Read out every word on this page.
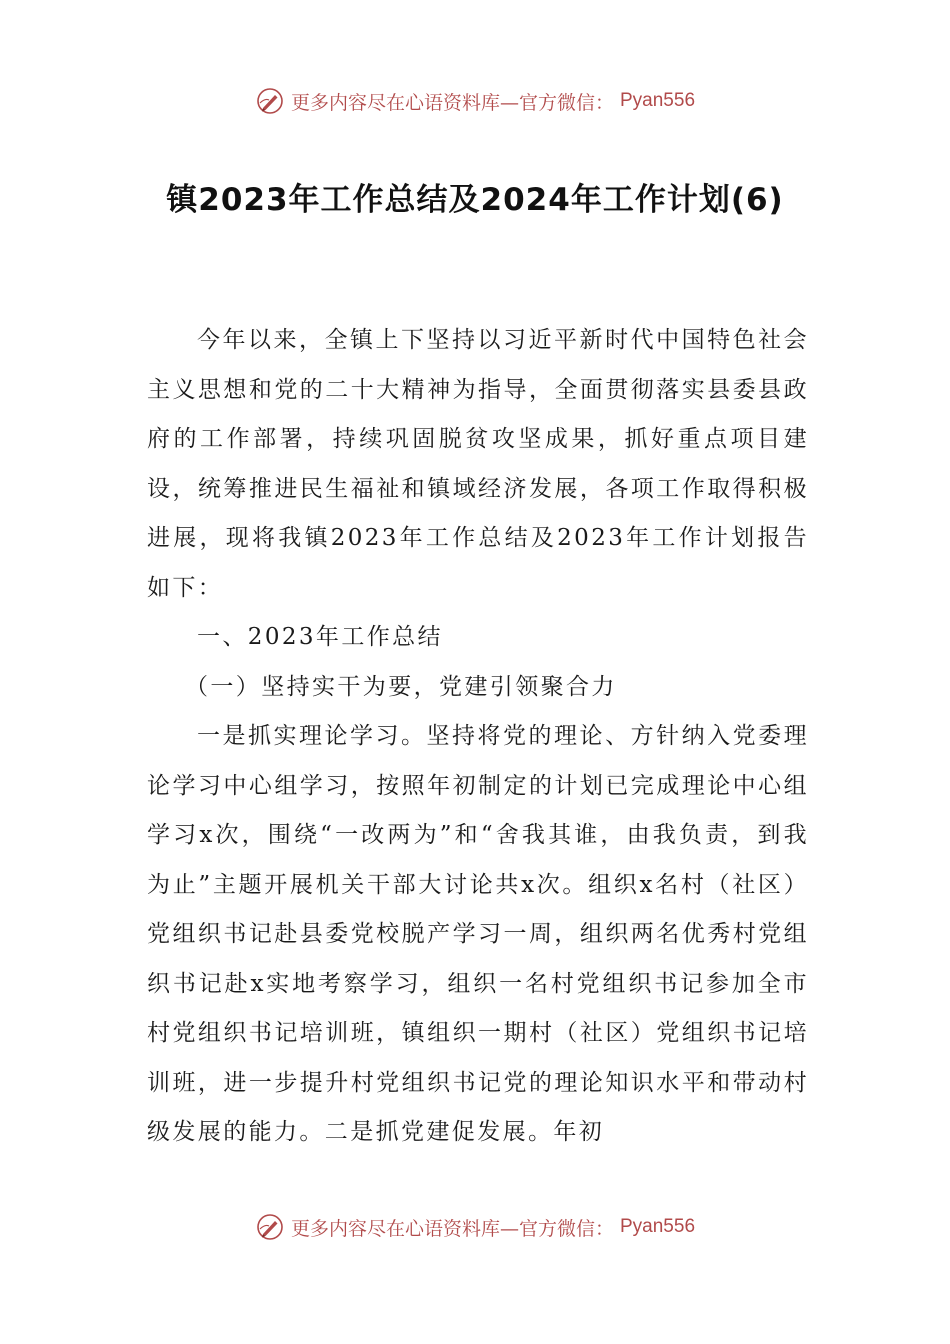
更多内容尽在心语资料库—官方微信： Pyan556
镇2023年工作总结及2024年工作计划(6)

今年以来，全镇上下坚持以习近平新时代中国特色社会主义思想和党的二十大精神为指导，全面贯彻落实县委县政府的工作部署，持续巩固脱贫攻坚成果，抓好重点项目建设，统筹推进民生福祉和镇域经济发展，各项工作取得积极进展，现将我镇2023年工作总结及2023年工作计划报告如下：

一、2023年工作总结

（一）坚持实干为要，党建引领聚合力

一是抓实理论学习。坚持将党的理论、方针纳入党委理论学习中心组学习，按照年初制定的计划已完成理论中心组学习x次，围绕“一改两为”和“舍我其谁，由我负责，到我为止”主题开展机关干部大讨论共x次。组织x名村（社区）党组织书记赴县委党校脱产学习一周，组织两名优秀村党组织书记赴x实地考察学习，组织一名村党组织书记参加全市村党组织书记培训班，镇组织一期村（社区）党组织书记培训班，进一步提升村党组织书记党的理论知识水平和带动村级发展的能力。二是抓党建促发展。年初

更多内容尽在心语资料库—官方微信： Pyan556
